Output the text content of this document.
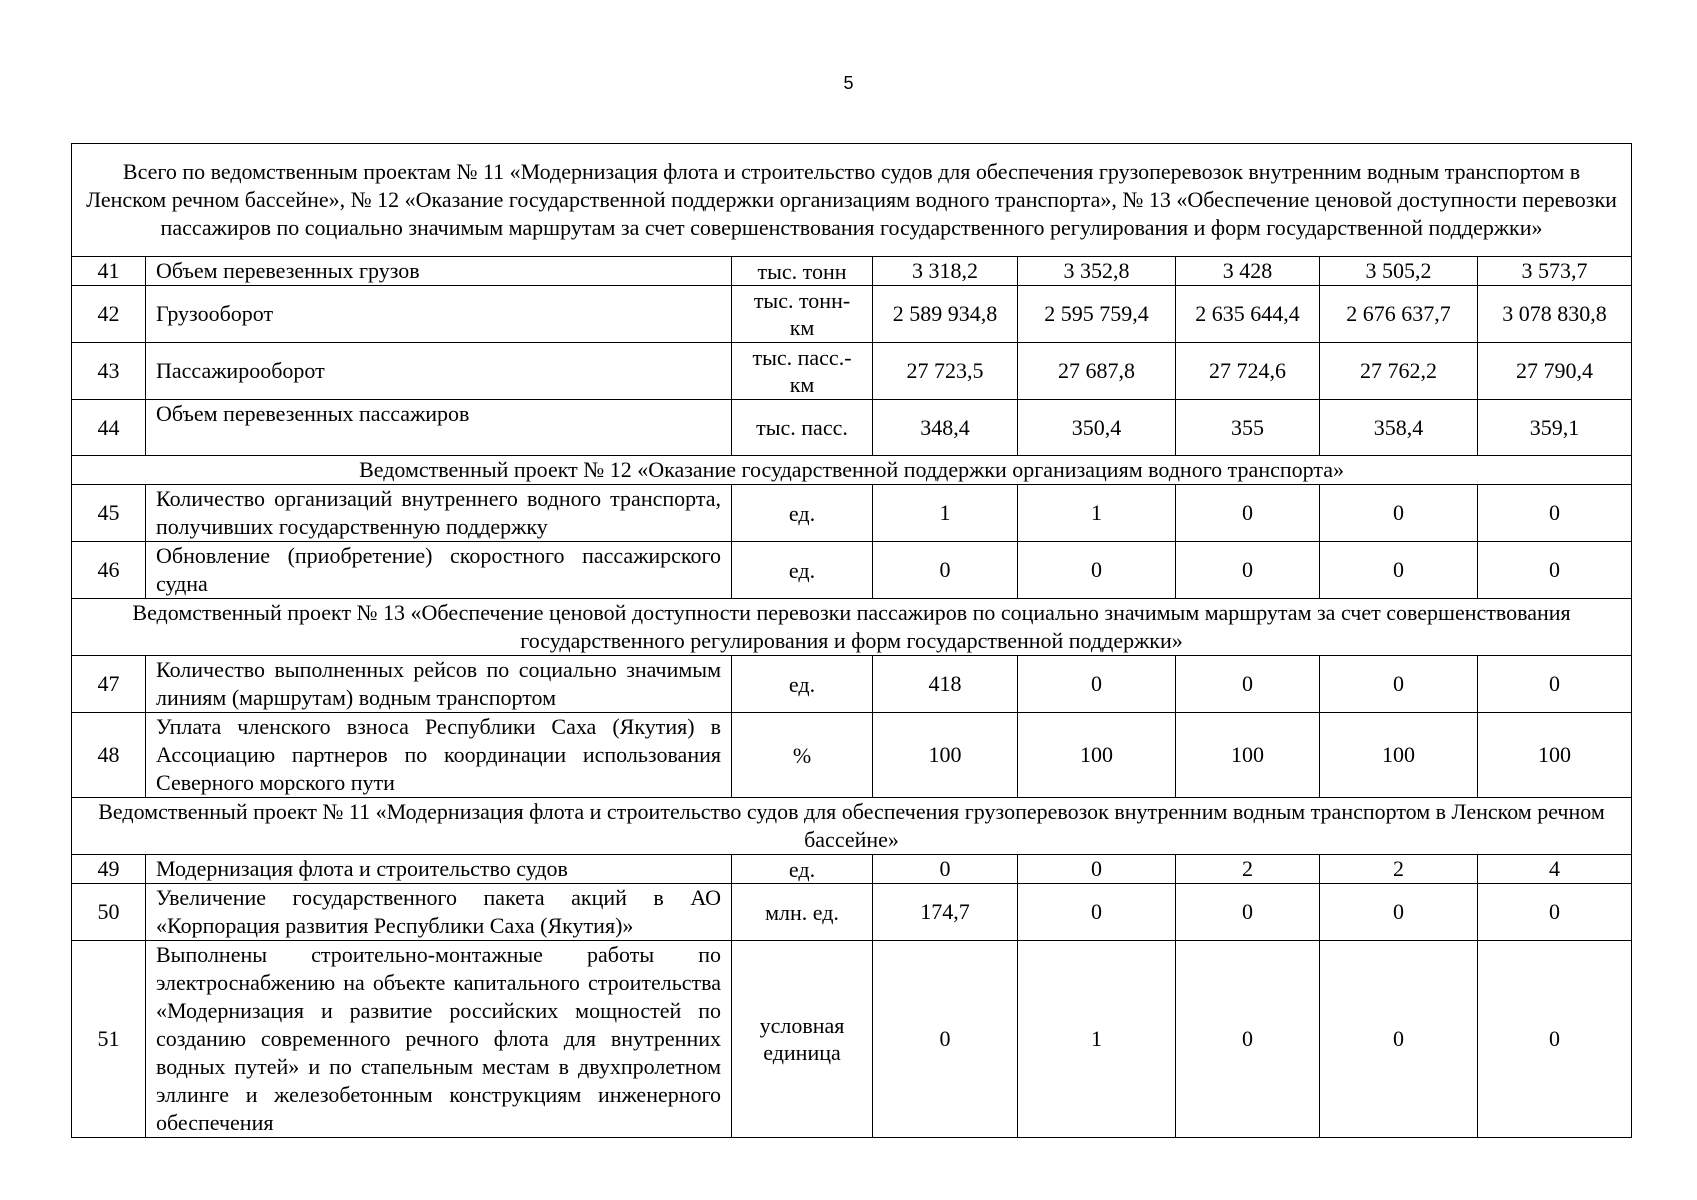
5
Всего по ведомственным проектам № 11 «Модернизация флота и строительство судов для обеспечения грузоперевозок внутренним водным транспортом в Ленском речном бассейне», № 12 «Оказание государственной поддержки организациям водного транспорта», № 13 «Обеспечение ценовой доступности перевозки пассажиров по социально значимым маршрутам за счет совершенствования государственного регулирования и форм государственной поддержки»							
41	Объем перевезенных грузов	тыс. тонн	3 318,2	3 352,8	3 428	3 505,2	3 573,7
42	Грузооборот	тыс. тонн-км	2 589 934,8	2 595 759,4	2 635 644,4	2 676 637,7	3 078 830,8
43	Пассажирооборот	тыс. пасс.-км	27 723,5	27 687,8	27 724,6	27 762,2	27 790,4
44	Объем перевезенных пассажиров	тыс. пасс.	348,4	350,4	355	358,4	359,1
Ведомственный проект № 12 «Оказание государственной поддержки организациям водного транспорта»							
45	Количество организаций внутреннего водного транспорта, получивших государственную поддержку	ед.	1	1	0	0	0
46	Обновление (приобретение) скоростного пассажирского судна	ед.	0	0	0	0	0
Ведомственный проект № 13 «Обеспечение ценовой доступности перевозки пассажиров по социально значимым маршрутам за счет совершенствования государственного регулирования и форм государственной поддержки»							
47	Количество выполненных рейсов по социально значимым линиям (маршрутам) водным транспортом	ед.	418	0	0	0	0
48	Уплата членского взноса Республики Саха (Якутия) в Ассоциацию партнеров по координации использования Северного морского пути	%	100	100	100	100	100
Ведомственный проект № 11 «Модернизация флота и строительство судов для обеспечения грузоперевозок внутренним водным транспортом в Ленском речном бассейне»							
49	Модернизация флота и строительство судов	ед.	0	0	2	2	4
50	Увеличение государственного пакета акций в АО «Корпорация развития Республики Саха (Якутия)»	млн. ед.	174,7	0	0	0	0
51	Выполнены строительно-монтажные работы по электроснабжению на объекте капитального строительства «Модернизация и развитие российских мощностей по созданию современного речного флота для внутренних водных путей» и по стапельным местам в двухпролетном эллинге и железобетонным конструкциям инженерного обеспечения	условная единица	0	1	0	0	0
